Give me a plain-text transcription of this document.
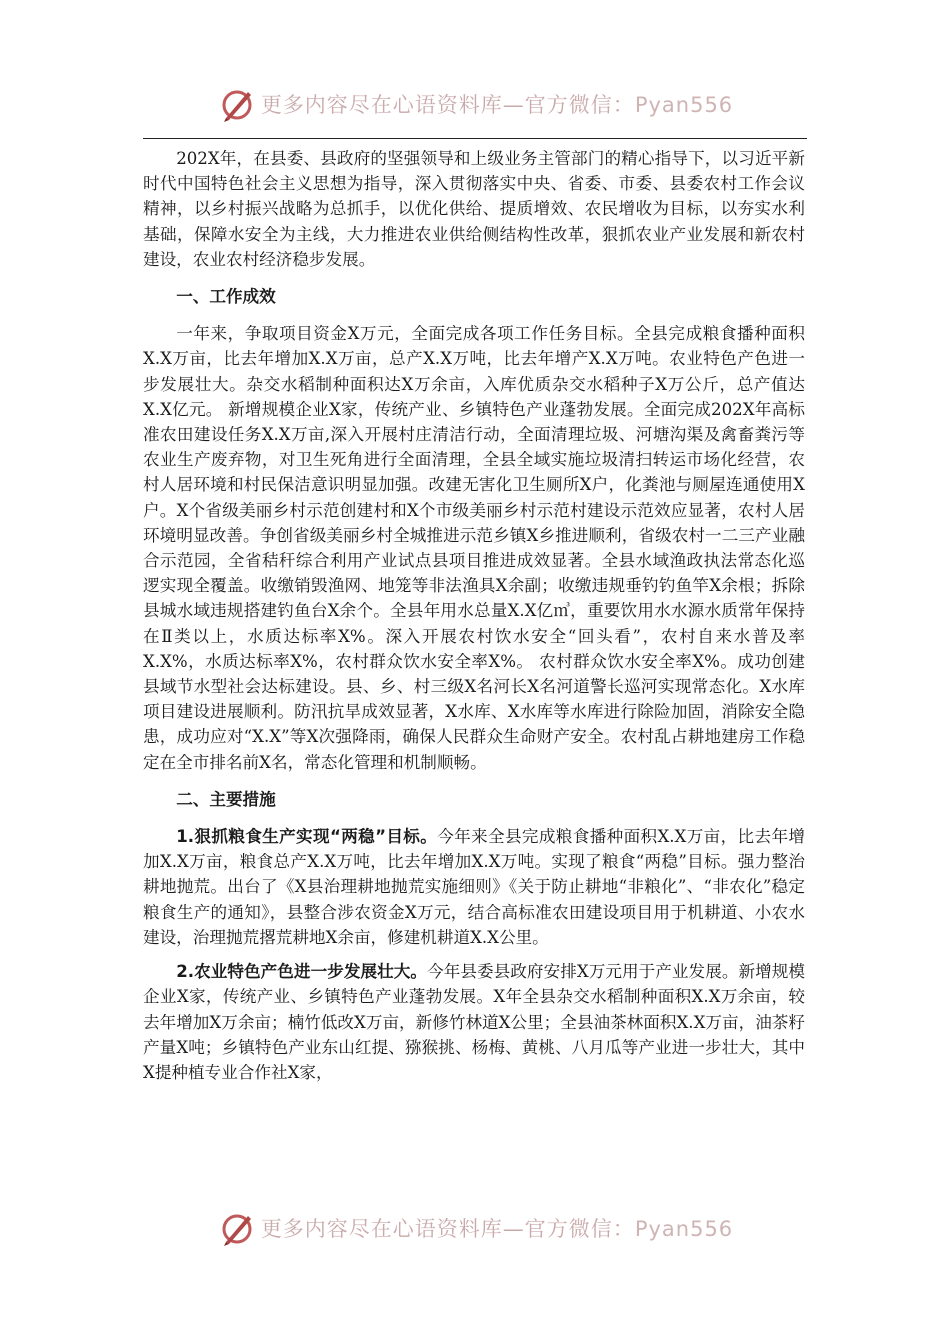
更多内容尽在心语资料库—官方微信：Pyan556

202X年，在县委、县政府的坚强领导和上级业务主管部门的精心指导下，以习近平新时代中国特色社会主义思想为指导，深入贯彻落实中央、省委、市委、县委农村工作会议精神，以乡村振兴战略为总抓手，以优化供给、提质增效、农民增收为目标，以夯实水利基础，保障水安全为主线，大力推进农业供给侧结构性改革，狠抓农业产业发展和新农村建设，农业农村经济稳步发展。

一、工作成效

一年来，争取项目资金X万元，全面完成各项工作任务目标。全县完成粮食播种面积X.X万亩，比去年增加X.X万亩，总产X.X万吨，比去年增产X.X万吨。农业特色产色进一步发展壮大。杂交水稻制种面积达X万余亩，入库优质杂交水稻种子X万公斤，总产值达X.X亿元。 新增规模企业X家，传统产业、乡镇特色产业蓬勃发展。全面完成202X年高标准农田建设任务X.X万亩,深入开展村庄清洁行动，全面清理垃圾、河塘沟渠及禽畜粪污等农业生产废弃物，对卫生死角进行全面清理，全县全域实施垃圾清扫转运市场化经营，农村人居环境和村民保洁意识明显加强。改建无害化卫生厕所X户，化粪池与厕屋连通使用X户。X个省级美丽乡村示范创建村和X个市级美丽乡村示范村建设示范效应显著，农村人居环境明显改善。争创省级美丽乡村全城推进示范乡镇X乡推进顺利，省级农村一二三产业融合示范园，全省秸秆综合利用产业试点县项目推进成效显著。全县水域渔政执法常态化巡逻实现全覆盖。收缴销毁渔网、地笼等非法渔具X余副；收缴违规垂钓钓鱼竿X余根；拆除县城水域违规搭建钓鱼台X余个。全县年用水总量X.X亿㎥，重要饮用水水源水质常年保持在Ⅱ类以上，水质达标率X%。深入开展农村饮水安全“回头看”，农村自来水普及率X.X%，水质达标率X%，农村群众饮水安全率X%。 农村群众饮水安全率X%。成功创建县域节水型社会达标建设。县、乡、村三级X名河长X名河道警长巡河实现常态化。X水库项目建设进展顺利。防汛抗旱成效显著，X水库、X水库等水库进行除险加固，消除安全隐患，成功应对“X.X”等X次强降雨，确保人民群众生命财产安全。农村乱占耕地建房工作稳定在全市排名前X名，常态化管理和机制顺畅。

二、主要措施

1.狠抓粮食生产实现“两稳”目标。今年来全县完成粮食播种面积X.X万亩，比去年增加X.X万亩，粮食总产X.X万吨，比去年增加X.X万吨。实现了粮食“两稳”目标。强力整治耕地抛荒。出台了《X县治理耕地抛荒实施细则》《关于防止耕地“非粮化”、“非农化”稳定粮食生产的通知》，县整合涉农资金X万元，结合高标准农田建设项目用于机耕道、小农水建设，治理抛荒撂荒耕地X余亩，修建机耕道X.X公里。

2.农业特色产色进一步发展壮大。今年县委县政府安排X万元用于产业发展。新增规模企业X家，传统产业、乡镇特色产业蓬勃发展。X年全县杂交水稻制种面积X.X万余亩，较去年增加X万余亩；楠竹低改X万亩，新修竹林道X公里；全县油茶林面积X.X万亩，油茶籽产量X吨；乡镇特色产业东山红提、猕猴挑、杨梅、黄桃、八月瓜等产业进一步壮大，其中X提种植专业合作社X家，

更多内容尽在心语资料库—官方微信：Pyan556
